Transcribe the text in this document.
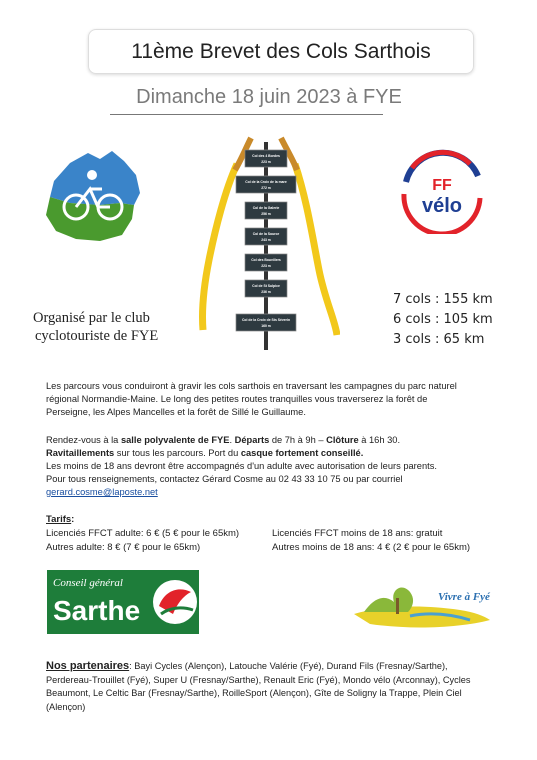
11ème Brevet des Cols Sarthois
Dimanche 18 juin 2023 à FYE
FF
vélo
Col des 4 Bordes
223 m
Col de la Croix de la mare
272 m
Col de la Galerie
256 m
Col de la Source
243 m
Col des Bouvillers
223 m
Col de St Sulpice
236 m
Col de la Croix de Sts Séverin
160 m
Organisé par le club
cyclotouriste de FYE
7 cols : 155 km
6 cols : 105 km
3 cols : 65 km
Les parcours vous conduiront à gravir les cols sarthois en traversant les campagnes du parc naturel régional Normandie-Maine. Le long des petites routes tranquilles vous traverserez la forêt de Perseigne, les Alpes Mancelles et la forêt de Sillé le Guillaume.
Rendez-vous à la salle polyvalente de FYE. Départs de 7h à 9h – Clôture à 16h 30.
Ravitaillements sur tous les parcours. Port du casque fortement conseillé.
Les moins de 18 ans devront être accompagnés d'un adulte avec autorisation de leurs parents.
Pour tous renseignements, contactez Gérard Cosme au 02 43 33 10 75 ou par courriel
gerard.cosme@laposte.net
Tarifs:
Licenciés FFCT adulte: 6 € (5 € pour le 65km)
Autres adulte: 8 € (7 € pour le 65km)
Licenciés FFCT moins de 18 ans: gratuit
Autres moins de 18 ans: 4 € (2 € pour le 65km)
Conseil général
Sarthe	Vivre à Fyé
Nos partenaires: Bayi Cycles (Alençon), Latouche Valérie (Fyé), Durand Fils (Fresnay/Sarthe), Perdereau-Trouillet (Fyé), Super U (Fresnay/Sarthe), Renault Eric (Fyé), Mondo vélo (Arconnay), Cycles Beaumont, Le Celtic Bar (Fresnay/Sarthe), RoilleSport (Alençon), Gîte de Soligny la Trappe, Plein Ciel (Alençon)
